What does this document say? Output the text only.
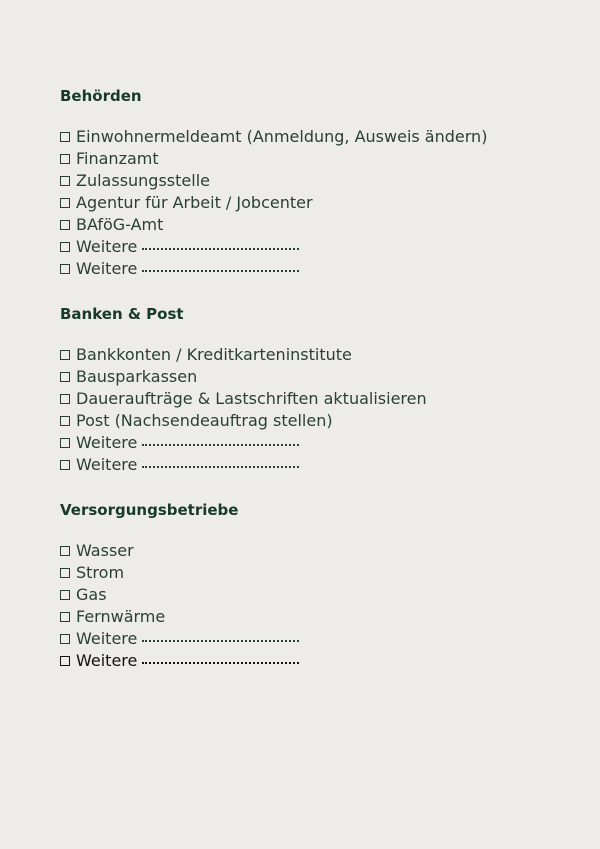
Behörden
Einwohnermeldeamt (Anmeldung, Ausweis ändern)
Finanzamt
Zulassungsstelle
Agentur für Arbeit / Jobcenter
BAföG-Amt
Weitere
Weitere
Banken & Post
Bankkonten / Kreditkarteninstitute
Bausparkassen
Daueraufträge & Lastschriften aktualisieren
Post (Nachsendeauftrag stellen)
Weitere
Weitere
Versorgungsbetriebe
Wasser
Strom
Gas
Fernwärme
Weitere
Weitere
